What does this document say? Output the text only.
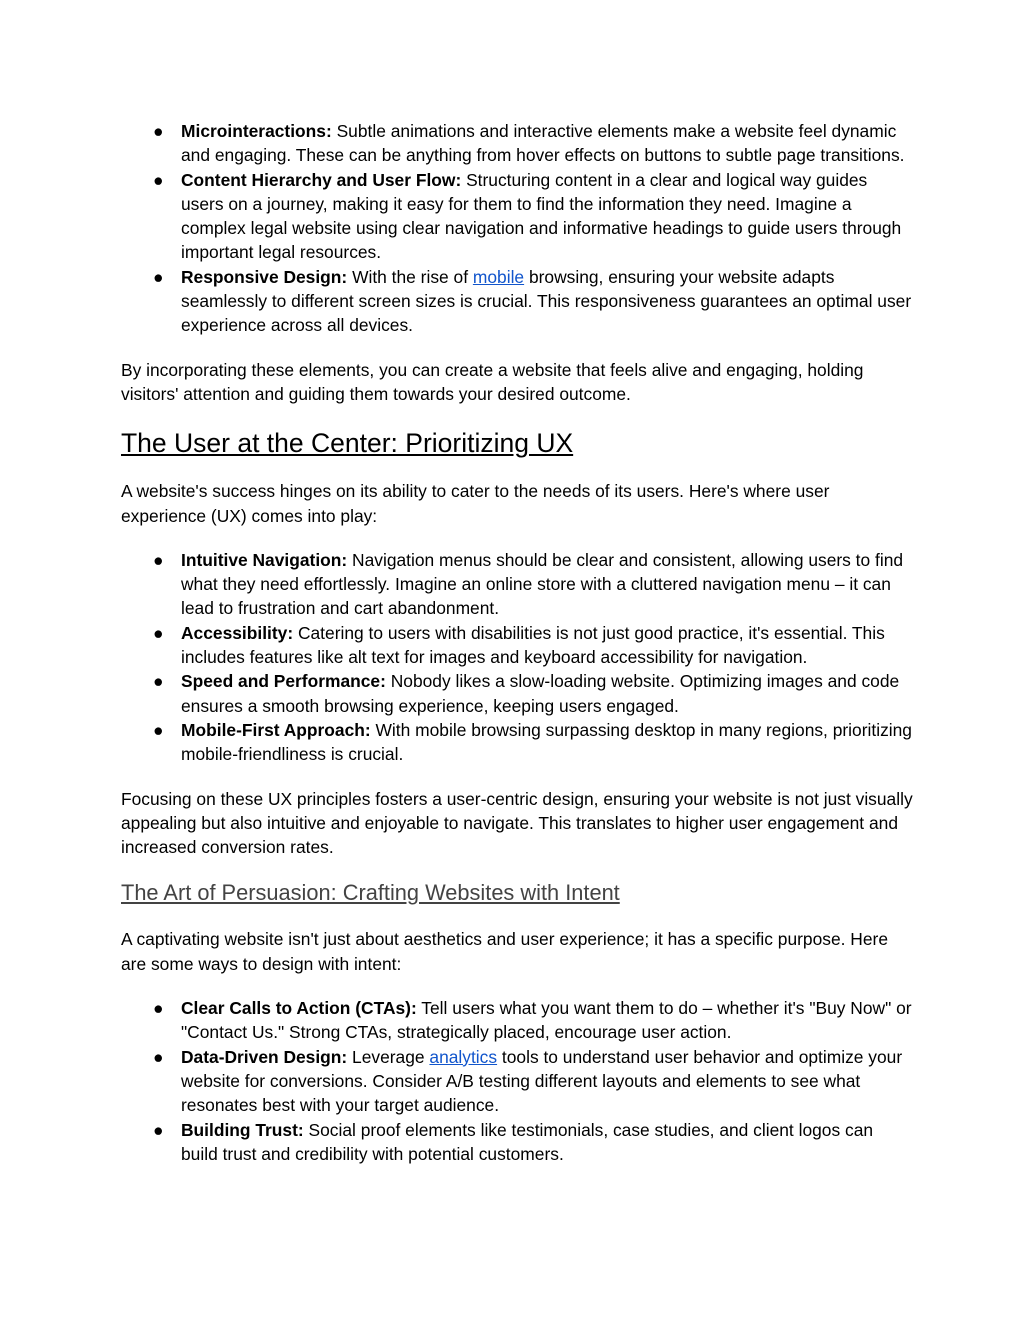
● Microinteractions: Subtle animations and interactive elements make a website feel dynamic and engaging. These can be anything from hover effects on buttons to subtle page transitions.
● Content Hierarchy and User Flow: Structuring content in a clear and logical way guides users on a journey, making it easy for them to find the information they need. Imagine a complex legal website using clear navigation and informative headings to guide users through important legal resources.
● Responsive Design: With the rise of mobile browsing, ensuring your website adapts seamlessly to different screen sizes is crucial. This responsiveness guarantees an optimal user experience across all devices.

By incorporating these elements, you can create a website that feels alive and engaging, holding visitors' attention and guiding them towards your desired outcome.

The User at the Center: Prioritizing UX

A website's success hinges on its ability to cater to the needs of its users. Here's where user experience (UX) comes into play:

● Intuitive Navigation: Navigation menus should be clear and consistent, allowing users to find what they need effortlessly. Imagine an online store with a cluttered navigation menu – it can lead to frustration and cart abandonment.
● Accessibility: Catering to users with disabilities is not just good practice, it's essential. This includes features like alt text for images and keyboard accessibility for navigation.
● Speed and Performance: Nobody likes a slow-loading website. Optimizing images and code ensures a smooth browsing experience, keeping users engaged.
● Mobile-First Approach: With mobile browsing surpassing desktop in many regions, prioritizing mobile-friendliness is crucial.

Focusing on these UX principles fosters a user-centric design, ensuring your website is not just visually appealing but also intuitive and enjoyable to navigate. This translates to higher user engagement and increased conversion rates.

The Art of Persuasion: Crafting Websites with Intent

A captivating website isn't just about aesthetics and user experience; it has a specific purpose. Here are some ways to design with intent:

● Clear Calls to Action (CTAs): Tell users what you want them to do – whether it's "Buy Now" or "Contact Us." Strong CTAs, strategically placed, encourage user action.
● Data-Driven Design: Leverage analytics tools to understand user behavior and optimize your website for conversions. Consider A/B testing different layouts and elements to see what resonates best with your target audience.
● Building Trust: Social proof elements like testimonials, case studies, and client logos can build trust and credibility with potential customers.
